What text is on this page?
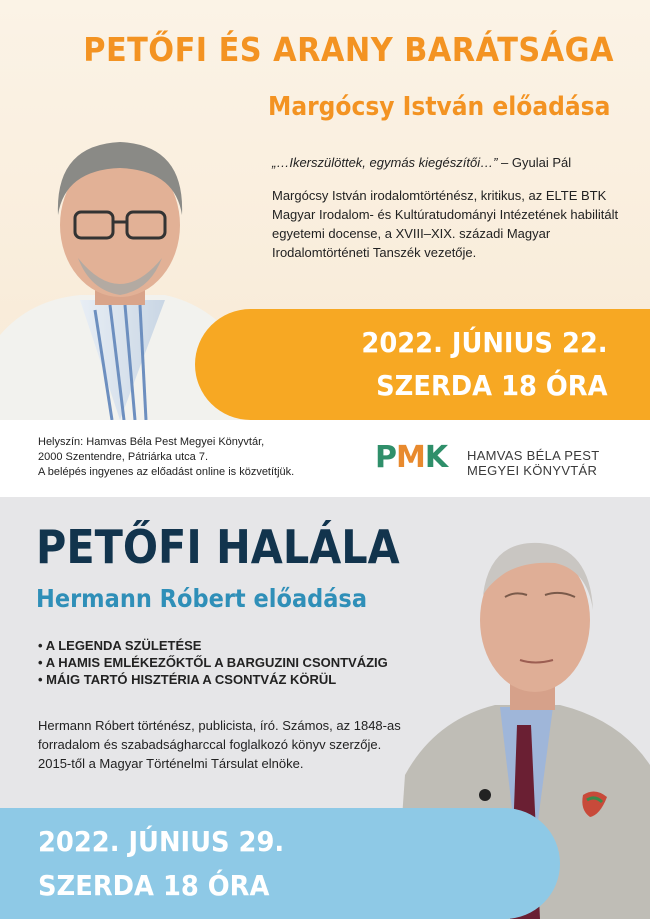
PETŐFI ÉS ARANY BARÁTSÁGA
Margócsy István előadása
„…Ikerszülöttek, egymás kiegészítői…” – Gyulai Pál
Margócsy István irodalomtörténész, kritikus, az ELTE BTK Magyar Irodalom- és Kultúratudományi Intézetének habilitált egyetemi docense, a XVIII–XIX. századi Magyar Irodalomtörténeti Tanszék vezetője.
2022. JÚNIUS 22.
SZERDA 18 ÓRA
Helyszín: Hamvas Béla Pest Megyei Könyvtár,
2000 Szentendre, Pátriárka utca 7.
A belépés ingyenes az előadást online is közvetítjük.	PMK HAMVAS BÉLA PEST
MEGYEI KÖNYVTÁR
PETŐFI HALÁLA
Hermann Róbert előadása
• A LEGENDA SZÜLETÉSE
• A HAMIS EMLÉKEZŐKTŐL A BARGUZINI CSONTVÁZIG
• MÁIG TARTÓ HISZTÉRIA A CSONTVÁZ KÖRÜL
Hermann Róbert történész, publicista, író. Számos, az 1848-as forradalom és szabadságharccal foglalkozó könyv szerzője. 2015-től a Magyar Történelmi Társulat elnöke.
2022. JÚNIUS 29.
SZERDA 18 ÓRA
